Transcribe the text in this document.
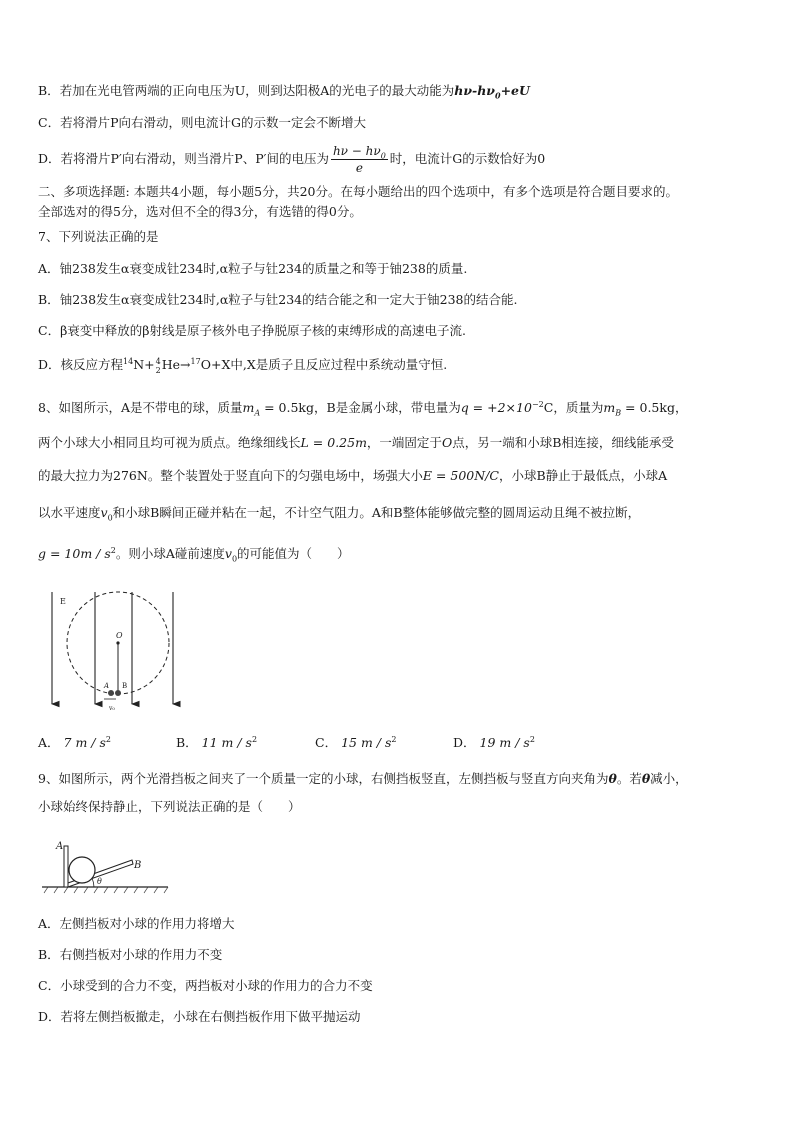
B．若加在光电管两端的正向电压为U，则到达阳极A的光电子的最大动能为$h\nu-h\nu_0+eU$
C．若将滑片P向右滑动，则电流计G的示数一定会不断增大
D．若将滑片P′向右滑动，则当滑片P、P′间的电压为 $\frac{h\nu - h\nu_0}{e}$ 时，电流计G的示数恰好为0
二、多项选择题: 本题共4小题，每小题5分，共20分。在每小题给出的四个选项中，有多个选项是符合题目要求的。
全部选对的得5分，选对但不全的得3分，有选错的得0分。
7、下列说法正确的是
A．铀238发生α衰变成钍234时,α粒子与钍234的质量之和等于铀238的质量.
B．铀238发生α衰变成钍234时,α粒子与钍234的结合能之和一定大于铀238的结合能.
C．β衰变中释放的β射线是原子核外电子挣脱原子核的束缚形成的高速电子流.
D．核反应方程$^{14}$N+ 4
2 He→$^{17}$O+X中,X是质子且反应过程中系统动量守恒.
8、如图所示，A是不带电的球，质量$m_A = 0.5kg$，B是金属小球，带电量为$q = +2\times 10^{-2}C$，质量为$m_B = 0.5kg$，
两个小球大小相同且均可视为质点。绝缘细线长L = 0.25m，一端固定于O点，另一端和小球B相连接，细线能承受
的最大拉力为276N。整个装置处于竖直向下的匀强电场中，场强大小E = 500N/C，小球B静止于最低点，小球A
以水平速度$v_0$和小球B瞬间正碰并粘在一起，不计空气阻力。A和B整体能够做完整的圆周运动且绳不被拉断，
$g = 10m / s^2$。则小球A碰前速度$v_0$的可能值为（　　）
E
O
A B
v₀
A． 7 m / $s^2$	B． 11 m / $s^2$	C． 15 m / $s^2$	D． 19 m / $s^2$
9、如图所示，两个光滑挡板之间夹了一个质量一定的小球，右侧挡板竖直，左侧挡板与竖直方向夹角为θ。若θ减小，
小球始终保持静止，下列说法正确的是（　　）
A
B
θ
A．左侧挡板对小球的作用力将增大
B．右侧挡板对小球的作用力不变
C．小球受到的合力不变，两挡板对小球的作用力的合力不变
D．若将左侧挡板撤走，小球在右侧挡板作用下做平抛运动
